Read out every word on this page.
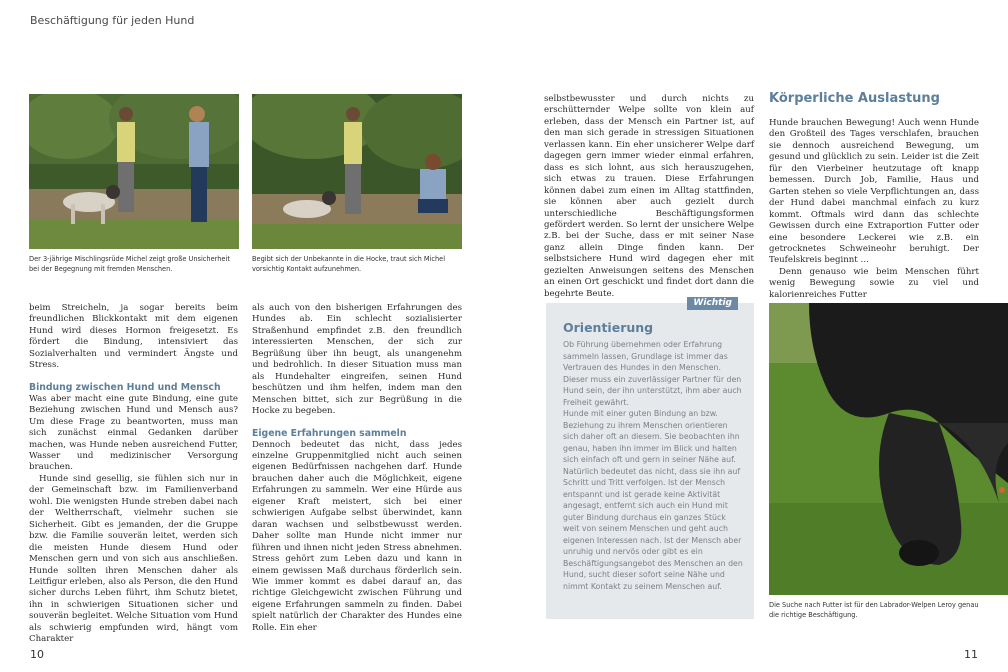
Beschäftigung für jeden Hund
Der 3-jährige Mischlingsrüde Michel zeigt große Unsicherheit bei der Begegnung mit fremden Menschen.
Begibt sich der Unbekannte in die Hocke, traut sich Michel vorsichtig Kontakt aufzunehmen.

beim Streicheln, ja sogar bereits beim freundlichen Blickkontakt mit dem eigenen Hund wird dieses Hormon freigesetzt. Es fördert die Bindung, intensiviert das Sozialverhalten und vermindert Ängste und Stress.

Bindung zwischen Hund und Mensch

Was aber macht eine gute Bindung, eine gute Beziehung zwischen Hund und Mensch aus? Um diese Frage zu beantworten, muss man sich zunächst einmal Gedanken darüber machen, was Hunde neben ausreichend Futter, Wasser und medizinischer Versorgung brauchen.

Hunde sind gesellig, sie fühlen sich nur in der Gemeinschaft bzw. im Familienverband wohl. Die wenigsten Hunde streben dabei nach der Weltherrschaft, vielmehr suchen sie Sicherheit. Gibt es jemanden, der die Gruppe bzw. die Familie souverän leitet, werden sich die meisten Hunde diesem Hund oder Menschen gern und von sich aus anschließen. Hunde sollten ihren Menschen daher als Leitfigur erleben, also als Person, die den Hund sicher durchs Leben führt, ihm Schutz bietet, ihn in schwierigen Situationen sicher und souverän begleitet. Welche Situation vom Hund als schwierig empfunden wird, hängt vom Charakter

als auch von den bisherigen Erfahrungen des Hundes ab. Ein schlecht sozialisierter Straßenhund empfindet z.B. den freundlich interessierten Menschen, der sich zur Begrüßung über ihn beugt, als unangenehm und bedrohlich. In dieser Situation muss man als Hundehalter eingreifen, seinen Hund beschützen und ihm helfen, indem man den Menschen bittet, sich zur Begrüßung in die Hocke zu begeben.

Eigene Erfahrungen sammeln

Dennoch bedeutet das nicht, dass jedes einzelne Gruppenmitglied nicht auch seinen eigenen Bedürfnissen nachgehen darf. Hunde brauchen daher auch die Möglichkeit, eigene Erfahrungen zu sammeln. Wer eine Hürde aus eigener Kraft meistert, sich bei einer schwierigen Aufgabe selbst überwindet, kann daran wachsen und selbstbewusst werden. Daher sollte man Hunde nicht immer nur führen und ihnen nicht jeden Stress abnehmen. Stress gehört zum Leben dazu und kann in einem gewissen Maß durchaus förderlich sein. Wie immer kommt es dabei darauf an, das richtige Gleichgewicht zwischen Führung und eigene Erfahrungen sammeln zu finden. Dabei spielt natürlich der Charakter des Hundes eine Rolle. Ein eher

selbstbewusster und durch nichts zu erschütternder Welpe sollte von klein auf erleben, dass der Mensch ein Partner ist, auf den man sich gerade in stressigen Situationen verlassen kann. Ein eher unsicherer Welpe darf dagegen gern immer wieder einmal erfahren, dass es sich lohnt, aus sich herauszugehen, sich etwas zu trauen. Diese Erfahrungen können dabei zum einen im Alltag stattfinden, sie können aber auch gezielt durch unterschiedliche Beschäftigungsformen gefördert werden. So lernt der unsichere Welpe z.B. bei der Suche, dass er mit seiner Nase ganz allein Dinge finden kann. Der selbstsichere Hund wird dagegen eher mit gezielten Anweisungen seitens des Menschen an einen Ort geschickt und findet dort dann die begehrte Beute.

Körperliche Auslastung

Hunde brauchen Bewegung! Auch wenn Hunde den Großteil des Tages verschlafen, brauchen sie dennoch ausreichend Bewegung, um gesund und glücklich zu sein. Leider ist die Zeit für den Vierbeiner heutzutage oft knapp bemessen. Durch Job, Familie, Haus und Garten stehen so viele Verpflichtungen an, dass der Hund dabei manchmal einfach zu kurz kommt. Oftmals wird dann das schlechte Gewissen durch eine Extraportion Futter oder eine besondere Leckerei wie z.B. ein getrocknetes Schweineohr beruhigt. Der Teufelskreis beginnt …

Denn genauso wie beim Menschen führt wenig Bewegung sowie zu viel und kalorienreiches Futter

Wichtig
Orientierung

Ob Führung übernehmen oder Erfahrung sammeln lassen, Grundlage ist immer das Vertrauen des Hundes in den Menschen. Dieser muss ein zuverlässiger Partner für den Hund sein, der ihn unterstützt, ihm aber auch Freiheit gewährt.

Hunde mit einer guten Bindung an bzw. Beziehung zu ihrem Menschen orientieren sich daher oft an diesem. Sie beobachten ihn genau, haben ihn immer im Blick und halten sich einfach oft und gern in seiner Nähe auf. Natürlich bedeutet das nicht, dass sie ihn auf Schritt und Tritt verfolgen. Ist der Mensch entspannt und ist gerade keine Aktivität angesagt, entfernt sich auch ein Hund mit guter Bindung durchaus ein ganzes Stück weit von seinem Menschen und geht auch eigenen Interessen nach. Ist der Mensch aber unruhig und nervös oder gibt es ein Beschäftigungsangebot des Menschen an den Hund, sucht dieser sofort seine Nähe und nimmt Kontakt zu seinem Menschen auf.

Die Suche nach Futter ist für den Labrador-Welpen Leroy genau die richtige Beschäftigung.
10	11
